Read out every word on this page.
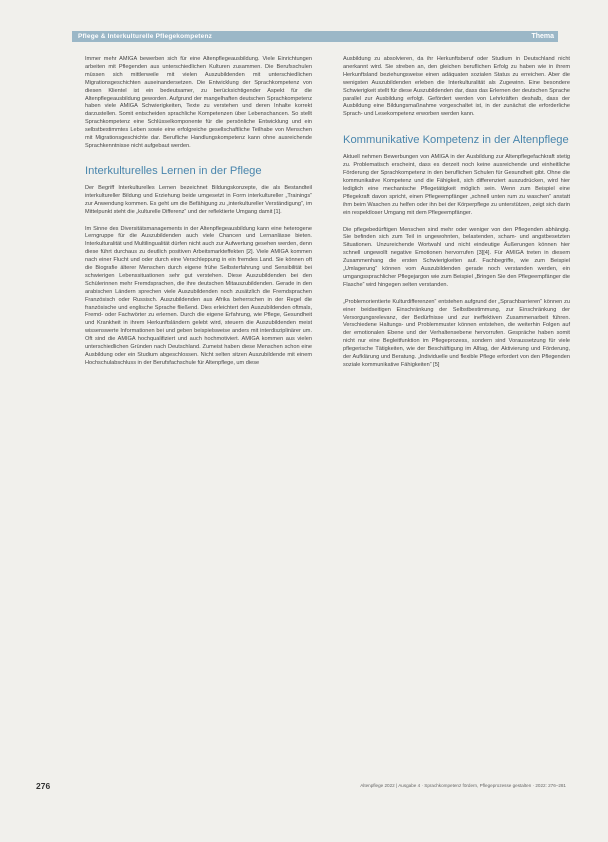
Pflege & Interkulturelle Pflegekompetenz	Thema

Immer mehr AMIGA bewerben sich für eine Altenpflegeausbildung. Viele Einrichtungen arbeiten mit Pflegenden aus unterschiedlichen Kulturen zusammen. Die Berufsschulen müssen sich mittlerweile mit vielen Auszubildenden mit unterschiedlichen Migrationsgeschichten auseinandersetzen. Die Entwicklung der Sprachkompetenz von diesen Klientel ist ein bedeutsamer, zu berücksichtigender Aspekt für die Altenpflegeausbildung geworden. Aufgrund der mangelhaften deutschen Sprachkompetenz haben viele AMIGA Schwierigkeiten, Texte zu verstehen und deren Inhalte korrekt darzustellen. Somit entscheiden sprachliche Kompetenzen über Lebenschancen. So stellt Sprachkompetenz eine Schlüsselkomponente für die persönliche Entwicklung und ein selbstbestimmtes Leben sowie eine erfolgreiche gesellschaftliche Teilhabe von Menschen mit Migrationsgeschichte dar. Berufliche Handlungskompetenz kann ohne ausreichende Sprachkenntnisse nicht aufgebaut werden.

Interkulturelles Lernen in der Pflege

Der Begriff Interkulturelles Lernen bezeichnet Bildungskonzepte, die als Bestandteil interkultureller Bildung und Erziehung beide umgesetzt in Form interkultureller „Trainings“ zur Anwendung kommen. Es geht um die Befähigung zu „interkultureller Verständigung“, im Mittelpunkt steht die „kulturelle Differenz“ und der reflektierte Umgang damit [1].

Im Sinne des Diversitätsmanagements in der Altenpflegeausbildung kann eine heterogene Lerngruppe für die Auszubildenden auch viele Chancen und Lernanlässe bieten. Interkulturalität und Multilingualität dürfen nicht auch zur Aufwertung gesehen werden, denn diese führt durchaus zu deutlich positiven Arbeitsmarkteffekten [2]. Viele AMIGA kommen nach einer Flucht und oder durch eine Verschleppung in ein fremdes Land. Sie können oft die Biografie älterer Menschen durch eigene frühe Selbsterfahrung und Sensibilität bei schwierigen Lebenssituationen sehr gut verstehen. Diese Auszubildenden bei den Schülerinnen mehr Fremdsprachen, die ihre deutschen Mitauszubildenden. Gerade in den arabischen Ländern sprechen viele Auszubildenden noch zusätzlich die Fremdsprachen Französisch oder Russisch. Auszubildenden aus Afrika beherrschen in der Regel die französische und englische Sprache fließend. Dies erleichtert den Auszubildenden oftmals, Fremd- oder Fachwörter zu erlernen. Durch die eigene Erfahrung, wie Pflege, Gesundheit und Krankheit in ihrem Herkunftsländern gelebt wird, steuern die Auszubildenden meist wissenswerte Informationen bei und geben beispielsweise anders mit interdisziplinärer um. Oft sind die AMIGA hochqualifiziert und auch hochmotiviert. AMIGA kommen aus vielen unterschiedlichen Gründen nach Deutschland. Zumeist haben diese Menschen schon eine Ausbildung oder ein Studium abgeschlossen. Nicht selten sitzen Auszubildende mit einem Hochschulabschluss in der Berufsfachschule für Altenpflege, um diese

Ausbildung zu absolvieren, da ihr Herkunftsberuf oder Studium in Deutschland nicht anerkannt wird. Sie streben an, den gleichen beruflichen Erfolg zu haben wie in ihrem Herkunftsland beziehungsweise einen adäquaten sozialen Status zu erreichen. Aber die wenigsten Auszubildenden erleben die Interkulturalität als Zugewinn. Eine besondere Schwierigkeit stellt für diese Auszubildenden dar, dass das Erlernen der deutschen Sprache parallel zur Ausbildung erfolgt. Gefördert werden von Lehrkräften deshalb, dass der Ausbildung eine Bildungsmaßnahme vorgeschaltet ist, in der zunächst die erforderliche Sprach- und Lesekompetenz erworben werden kann.

Kommunikative Kompetenz in der Altenpflege

Aktuell nehmen Bewerbungen von AMIGA in der Ausbildung zur Altenpflegefachkraft stetig zu. Problematisch erscheint, dass es derzeit noch keine ausreichende und einheitliche Förderung der Sprachkompetenz in den beruflichen Schulen für Gesundheit gibt. Ohne die kommunikative Kompetenz und die Fähigkeit, sich differenziert auszudrücken, wird hier lediglich eine mechanische Pflegetätigkeit möglich sein. Wenn zum Beispiel eine Pflegekraft davon spricht, einen Pflegeempfänger „schnell unten rum zu waschen“ anstatt ihm beim Waschen zu helfen oder ihn bei der Körperpflege zu unterstützen, zeigt sich darin ein respektloser Umgang mit dem Pflegeempfänger.

Die pflegebedürftigen Menschen sind mehr oder weniger von den Pflegenden abhängig. Sie befinden sich zum Teil in ungewohnten, belastenden, scham- und angstbesetzten Situationen. Unzureichende Wortwahl und nicht eindeutige Äußerungen können hier schnell ungewollt negative Emotionen hervorrufen [3][4]. Für AMIGA treten in diesem Zusammenhang die ersten Schwierigkeiten auf. Fachbegriffe, wie zum Beispiel „Umlagerung“ können vom Auszubildenden gerade noch verstanden werden, ein umgangssprachlicher Pflegejargon wie zum Beispiel „Bringen Sie den Pflegeempfänger die Flasche“ wird hingegen selten verstanden.

„Problemorientierte Kulturdifferenzen“ entstehen aufgrund der „Sprachbarrieren“ können zu einer beidseitigen Einschränkung der Selbstbestimmung, zur Einschränkung der Versorgungsrelevanz, der Bedürfnisse und zur ineffektiven Zusammenarbeit führen. Verschiedene Haltungs- und Problemmuster können entstehen, die weiterhin Folgen auf der emotionalen Ebene und der Verhaltensebene hervorrufen. Gespräche haben somit nicht nur eine Begleitfunktion im Pflegeprozess, sondern sind Voraussetzung für viele pflegerische Tätigkeiten, wie der Beschäftigung im Alltag, der Aktivierung und Förderung, der Aufklärung und Beratung. „Individuelle und flexible Pflege erfordert von den Pflegenden soziale kommunikative Fähigkeiten“ [5]

276	Altenpflege 2022 | Ausgabe 4 · Sprachkompetenz fördern, Pflegeprozesse gestalten · 2022: 276–281
